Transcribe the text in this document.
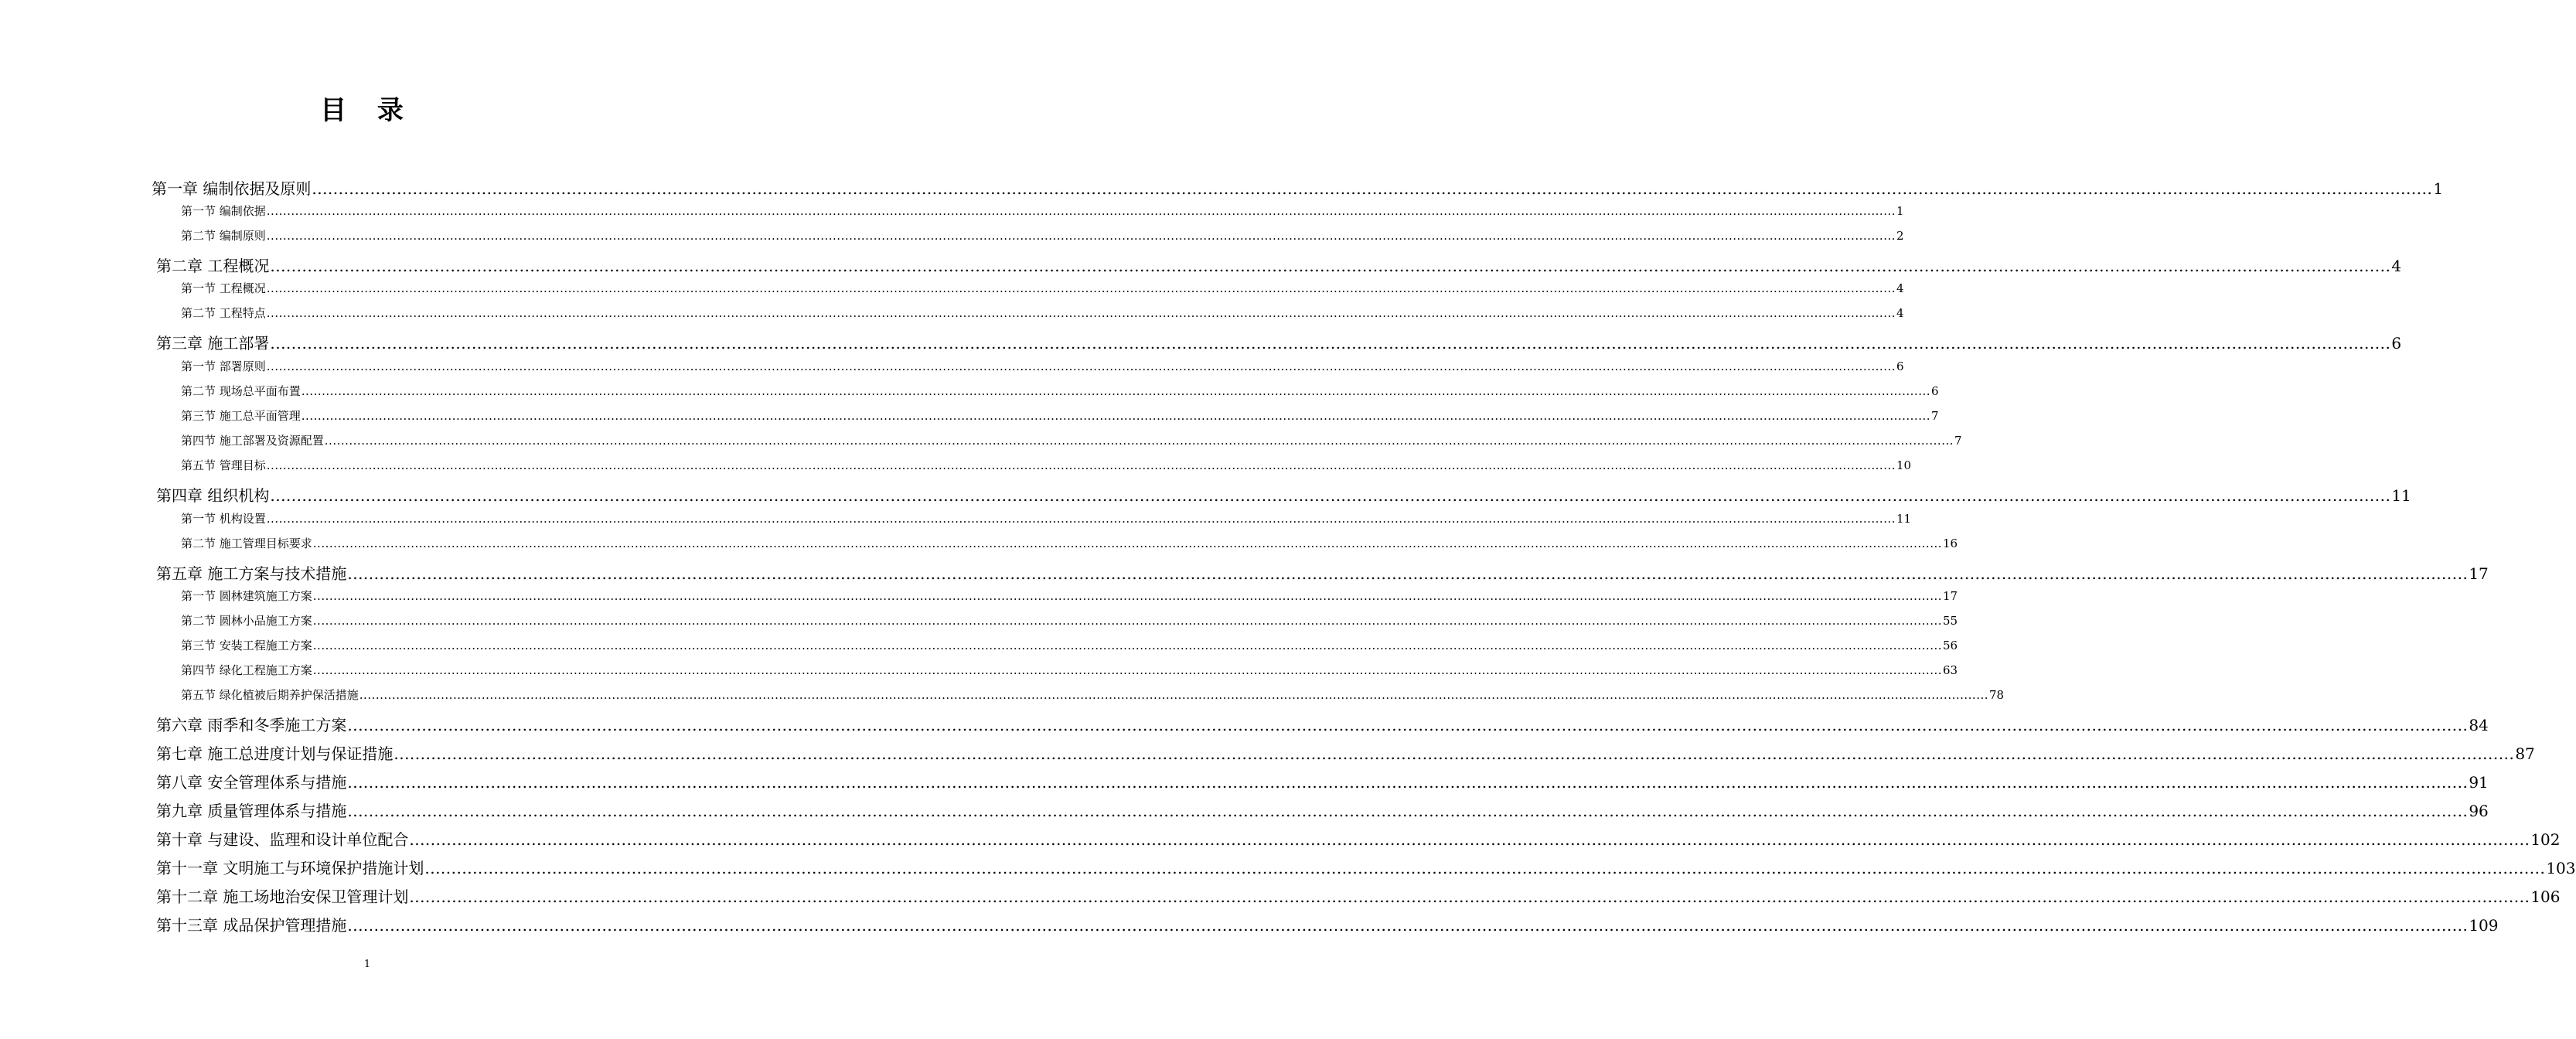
目 录
第一章 编制依据及原则 ................................................................................................................................................................................................................................................................................................................................................................................................................ 1
第一节 编制依据 ................................................................................................................................................................................................................................................................................................................................................................................................................ 1
第二节 编制原则 ................................................................................................................................................................................................................................................................................................................................................................................................................ 2
第二章 工程概况 ................................................................................................................................................................................................................................................................................................................................................................................................................ 4
第一节 工程概况 ................................................................................................................................................................................................................................................................................................................................................................................................................ 4
第二节 工程特点 ................................................................................................................................................................................................................................................................................................................................................................................................................ 4
第三章 施工部署 ................................................................................................................................................................................................................................................................................................................................................................................................................ 6
第一节 部署原则 ................................................................................................................................................................................................................................................................................................................................................................................................................ 6
第二节 现场总平面布置 ................................................................................................................................................................................................................................................................................................................................................................................................................ 6
第三节 施工总平面管理 ................................................................................................................................................................................................................................................................................................................................................................................................................ 7
第四节 施工部署及资源配置 ................................................................................................................................................................................................................................................................................................................................................................................................................ 7
第五节 管理目标 ................................................................................................................................................................................................................................................................................................................................................................................................................ 10
第四章 组织机构 ................................................................................................................................................................................................................................................................................................................................................................................................................ 11
第一节 机构设置 ................................................................................................................................................................................................................................................................................................................................................................................................................ 11
第二节 施工管理目标要求 ................................................................................................................................................................................................................................................................................................................................................................................................................ 16
第五章 施工方案与技术措施 ................................................................................................................................................................................................................................................................................................................................................................................................................ 17
第一节 圆林建筑施工方案 ................................................................................................................................................................................................................................................................................................................................................................................................................ 17
第二节 圆林小品施工方案 ................................................................................................................................................................................................................................................................................................................................................................................................................ 55
第三节 安装工程施工方案 ................................................................................................................................................................................................................................................................................................................................................................................................................ 56
第四节 绿化工程施工方案 ................................................................................................................................................................................................................................................................................................................................................................................................................ 63
第五节 绿化植被后期养护保活措施 ................................................................................................................................................................................................................................................................................................................................................................................................................ 78
第六章 雨季和冬季施工方案 ................................................................................................................................................................................................................................................................................................................................................................................................................ 84
第七章 施工总进度计划与保证措施 ................................................................................................................................................................................................................................................................................................................................................................................................................ 87
第八章 安全管理体系与措施 ................................................................................................................................................................................................................................................................................................................................................................................................................ 91
第九章 质量管理体系与措施 ................................................................................................................................................................................................................................................................................................................................................................................................................ 96
第十章 与建设、监理和设计单位配合 ................................................................................................................................................................................................................................................................................................................................................................................................................ 102
第十一章 文明施工与环境保护措施计划 ................................................................................................................................................................................................................................................................................................................................................................................................................ 103
第十二章 施工场地治安保卫管理计划 ................................................................................................................................................................................................................................................................................................................................................................................................................ 106
第十三章 成品保护管理措施 ................................................................................................................................................................................................................................................................................................................................................................................................................ 109
1
